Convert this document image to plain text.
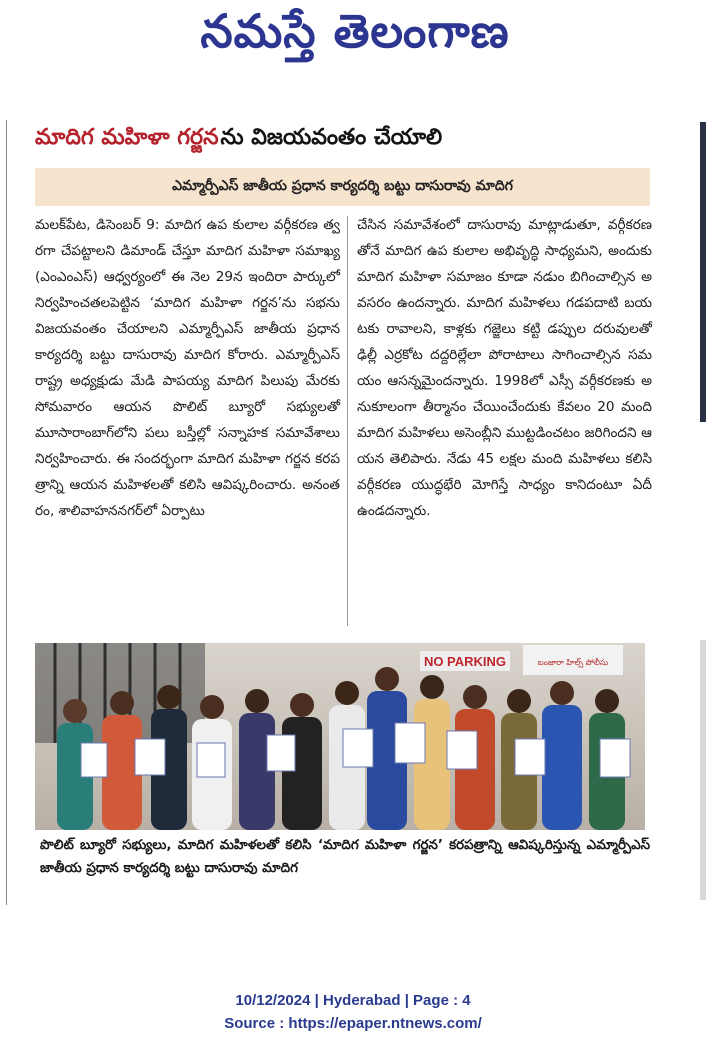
నమస్తే తెలంగాణ
మాదిగ మహిళా గర్జన ను విజయవంతం చేయాలి
ఎమ్మార్పీఎస్ జాతీయ ప్రధాన కార్యదర్శి బట్టు దాసురావు మాదిగ
మలక్‌పేట, డిసెంబర్ 9: మాదిగ ఉప కులాల వర్గీకరణ త్వరగా చేపట్టాలని డిమాండ్ చేస్తూ మాదిగ మహిళా సమాఖ్య (ఎంఎంఎస్) ఆధ్వర్యంలో ఈ నెల 29న ఇందిరా పార్కులో నిర్వహించతలపెట్టిన ‘మాదిగ మహిళా గర్జన’ను సభను విజయవంతం చేయాలని ఎమ్మార్పీఎస్ జాతీయ ప్రధాన కార్యదర్శి బట్టు దాసురావు మాదిగ కోరారు. ఎమ్మార్పీఎస్ రాష్ట్ర అధ్యక్షుడు మేడి పాపయ్య మాదిగ పిలుపు మేరకు సోమవారం ఆయన పొలిట్ బ్యూరో సభ్యులతో మూసారాంబాగ్‌లోని పలు బస్తీల్లో సన్నాహక సమావేశాలు నిర్వహించారు. ఈ సందర్భంగా మాదిగ మహిళా గర్జన కరపత్రాన్ని ఆయన మహిళలతో కలిసి ఆవిష్కరించారు. అనంతరం, శాలివాహననగర్‌లో ఏర్పాటు
చేసిన సమావేశంలో దాసురావు మాట్లాడుతూ, వర్గీకరణతోనే మాదిగ ఉప కులాల అభివృద్ధి సాధ్యమని, అందుకు మాదిగ మహిళా సమాజం కూడా నడుం బిగించాల్సిన అవసరం ఉందన్నారు. మాదిగ మహిళలు గడపదాటి బయటకు రావాలని, కాళ్లకు గజ్జెలు కట్టి డప్పుల దరువులతో ఢిల్లీ ఎర్రకోట దద్దరిల్లేలా పోరాటాలు సాగించాల్సిన సమయం ఆసన్నమైందన్నారు. 1998లో ఎస్సీ వర్గీకరణకు అనుకూలంగా తీర్మానం చేయించేందుకు కేవలం 20 మంది మాదిగ మహిళలు అసెంబ్లీని ముట్టడించటం జరిగిందని ఆయన తెలిపారు. నేడు 45 లక్షల మంది మహిళలు కలిసి వర్గీకరణ యుద్ధభేరి మోగిస్తే సాధ్యం కానిదంటూ ఏదీ ఉండదన్నారు.
NO PARKING	బంజారా హిల్స్ పోలీసు
పొలిట్ బ్యూరో సభ్యులు, మాదిగ మహిళలతో కలిసి ‘మాదిగ మహిళా గర్జన’ కరపత్రాన్ని ఆవిష్కరిస్తున్న ఎమ్మార్పీఎస్ జాతీయ ప్రధాన కార్యదర్శి బట్టు దాసురావు మాదిగ
10/12/2024 | Hyderabad | Page : 4
Source : https://epaper.ntnews.com/
